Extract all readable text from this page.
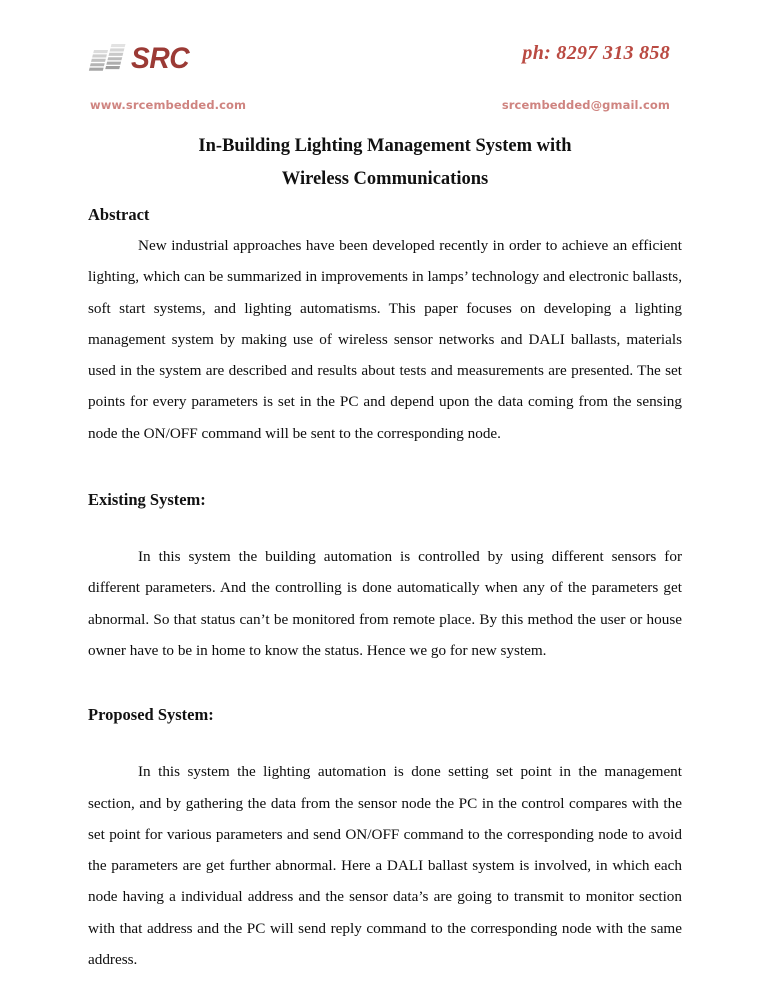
SRC	ph: 8297 313 858
www.srcembedded.com	srcembedded@gmail.com
In-Building Lighting Management System with
Wireless Communications
Abstract

New industrial approaches have been developed recently in order to achieve an efficient lighting, which can be summarized in improvements in lamps’ technology and electronic ballasts, soft start systems, and lighting automatisms. This paper focuses on developing a lighting management system by making use of wireless sensor networks and DALI ballasts, materials used in the system are described and results about tests and measurements are presented. The set points for every parameters is set in the PC and depend upon the data coming from the sensing node the ON/OFF command will be sent to the corresponding node.

Existing System:

In this system the building automation is controlled by using different sensors for different parameters. And the controlling is done automatically when any of the parameters get abnormal. So that status can’t be monitored from remote place. By this method the user or house owner have to be in home to know the status. Hence we go for new system.

Proposed System:

In this system the lighting automation is done setting set point in the management section, and by gathering the data from the sensor node the PC in the control compares with the set point for various parameters and send ON/OFF command to the corresponding node to avoid the parameters are get further abnormal. Here a DALI ballast system is involved, in which each node having a individual address and the sensor data’s are going to transmit to monitor section with that address and the PC will send reply command to the corresponding node with the same address.
